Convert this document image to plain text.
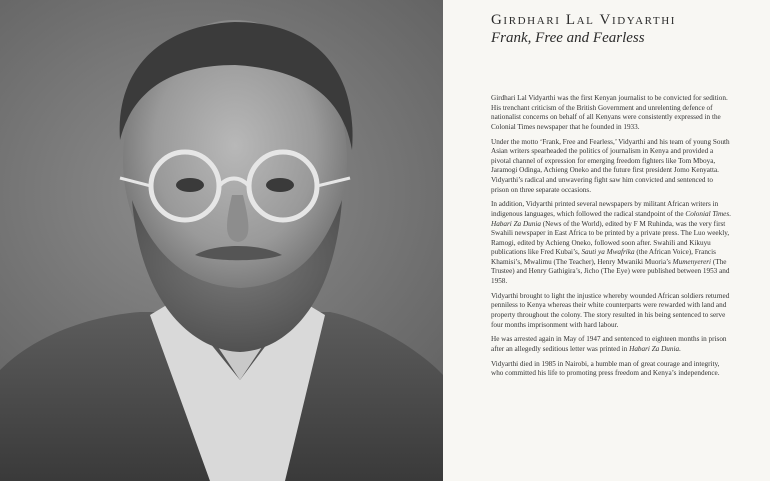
Girdhari Lal Vidyarthi
Frank, Free and Fearless

Girdhari Lal Vidyarthi was the first Kenyan journalist to be convicted for sedition. His trenchant criticism of the British Government and unrelenting defence of nationalist concerns on behalf of all Kenyans were consistently expressed in the Colonial Times newspaper that he founded in 1933.

Under the motto ‘Frank, Free and Fearless,’ Vidyarthi and his team of young South Asian writers spearheaded the politics of journalism in Kenya and provided a pivotal channel of expression for emerging freedom fighters like Tom Mboya, Jaramogi Odinga, Achieng Oneko and the future first president Jomo Kenyatta. Vidyarthi’s radical and unwavering fight saw him convicted and sentenced to prison on three separate occasions.

In addition, Vidyarthi printed several newspapers by militant African writers in indigenous languages, which followed the radical standpoint of the Colonial Times. Habari Za Dunia (News of the World), edited by F M Ruhinda, was the very first Swahili newspaper in East Africa to be printed by a private press. The Luo weekly, Ramogi, edited by Achieng Oneko, followed soon after. Swahili and Kikuyu publications like Fred Kubai’s, Sauti ya Mwafrika (the African Voice), Francis Khamisi’s, Mwalimu (The Teacher), Henry Mwaniki Muoria’s Mumenyereri (The Trustee) and Henry Gathigira’s, Jicho (The Eye) were published between 1953 and 1958.

Vidyarthi brought to light the injustice whereby wounded African soldiers returned penniless to Kenya whereas their white counterparts were rewarded with land and property throughout the colony. The story resulted in his being sentenced to serve four months imprisonment with hard labour.

He was arrested again in May of 1947 and sentenced to eighteen months in prison after an allegedly seditious letter was printed in Habari Za Dunia.

Vidyarthi died in 1985 in Nairobi, a humble man of great courage and integrity, who committed his life to promoting press freedom and Kenya’s independence.
